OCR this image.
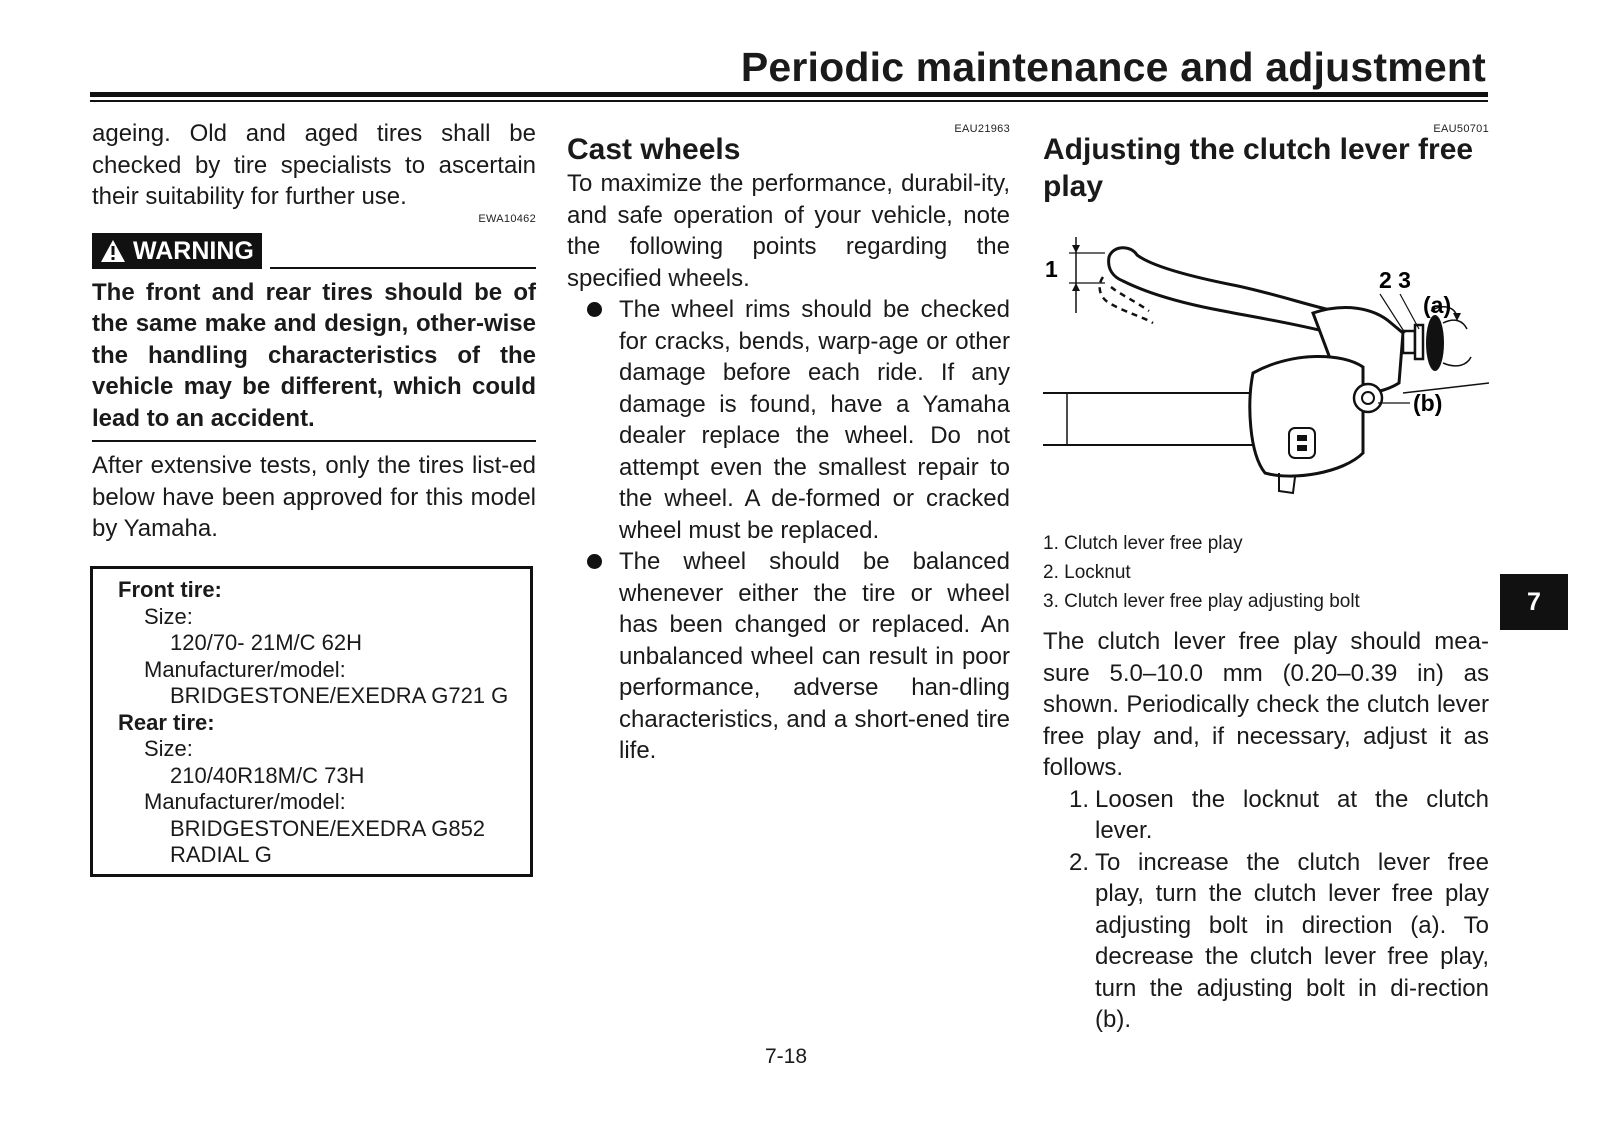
Periodic maintenance and adjustment

ageing. Old and aged tires shall be checked by tire specialists to ascertain their suitability for further use.

EWA10462
WARNING

The front and rear tires should be of the same make and design, other-wise the handling characteristics of the vehicle may be different, which could lead to an accident.

After extensive tests, only the tires list-ed below have been approved for this model by Yamaha.

Front tire:
Size:
120/70- 21M/C 62H
Manufacturer/model:
BRIDGESTONE/EXEDRA G721 G
Rear tire:
Size:
210/40R18M/C 73H
Manufacturer/model:
BRIDGESTONE/EXEDRA G852
RADIAL G
EAU21963
Cast wheels

To maximize the performance, durabil-ity, and safe operation of your vehicle, note the following points regarding the specified wheels.

The wheel rims should be checked for cracks, bends, warp-age or other damage before each ride. If any damage is found, have a Yamaha dealer replace the wheel. Do not attempt even the smallest repair to the wheel. A de-formed or cracked wheel must be replaced.
The wheel should be balanced whenever either the tire or wheel has been changed or replaced. An unbalanced wheel can result in poor performance, adverse han-dling characteristics, and a short-ened tire life.
EAU50701
Adjusting the clutch lever free play
1	2 3
(a)
(b)
1. Clutch lever free play
2. Locknut
3. Clutch lever free play adjusting bolt

The clutch lever free play should mea-sure 5.0–10.0 mm (0.20–0.39 in) as shown. Periodically check the clutch lever free play and, if necessary, adjust it as follows.

1. Loosen the locknut at the clutch lever.
2. To increase the clutch lever free play, turn the clutch lever free play adjusting bolt in direction (a). To decrease the clutch lever free play, turn the adjusting bolt in di-rection (b).
7
7-18
